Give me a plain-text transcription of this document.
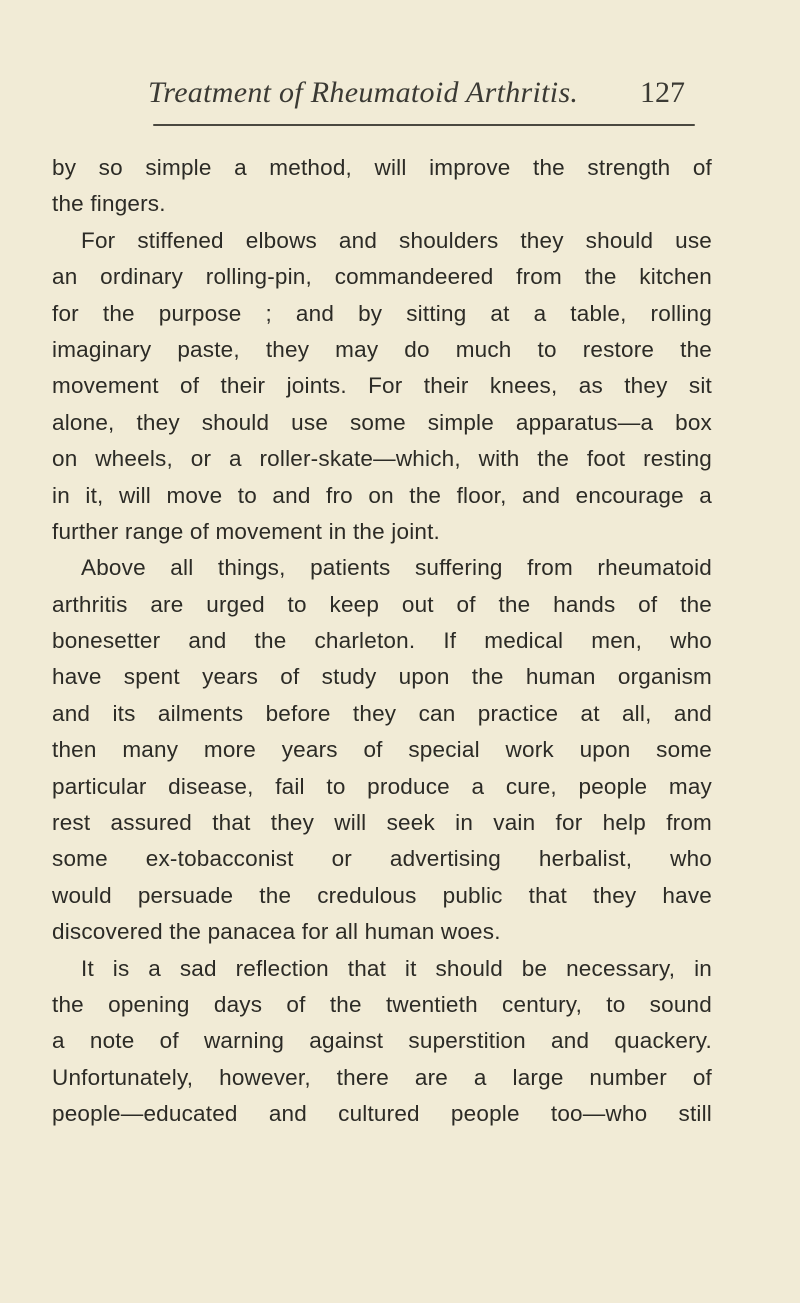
Treatment of Rheumatoid Arthritis. 127
by so simple a method, will improve the strength of
the fingers.
For stiffened elbows and shoulders they should use
an ordinary rolling-pin, commandeered from the kitchen
for the purpose ; and by sitting at a table, rolling
imaginary paste, they may do much to restore the
movement of their joints. For their knees, as they sit
alone, they should use some simple apparatus—a box
on wheels, or a roller-skate—which, with the foot resting
in it, will move to and fro on the floor, and encourage a
further range of movement in the joint.
Above all things, patients suffering from rheumatoid
arthritis are urged to keep out of the hands of the
bonesetter and the charleton. If medical men, who
have spent years of study upon the human organism
and its ailments before they can practice at all, and
then many more years of special work upon some
particular disease, fail to produce a cure, people may
rest assured that they will seek in vain for help from
some ex-tobacconist or advertising herbalist, who
would persuade the credulous public that they have
discovered the panacea for all human woes.
It is a sad reflection that it should be necessary, in
the opening days of the twentieth century, to sound
a note of warning against superstition and quackery.
Unfortunately, however, there are a large number of
people—educated and cultured people too—who still
